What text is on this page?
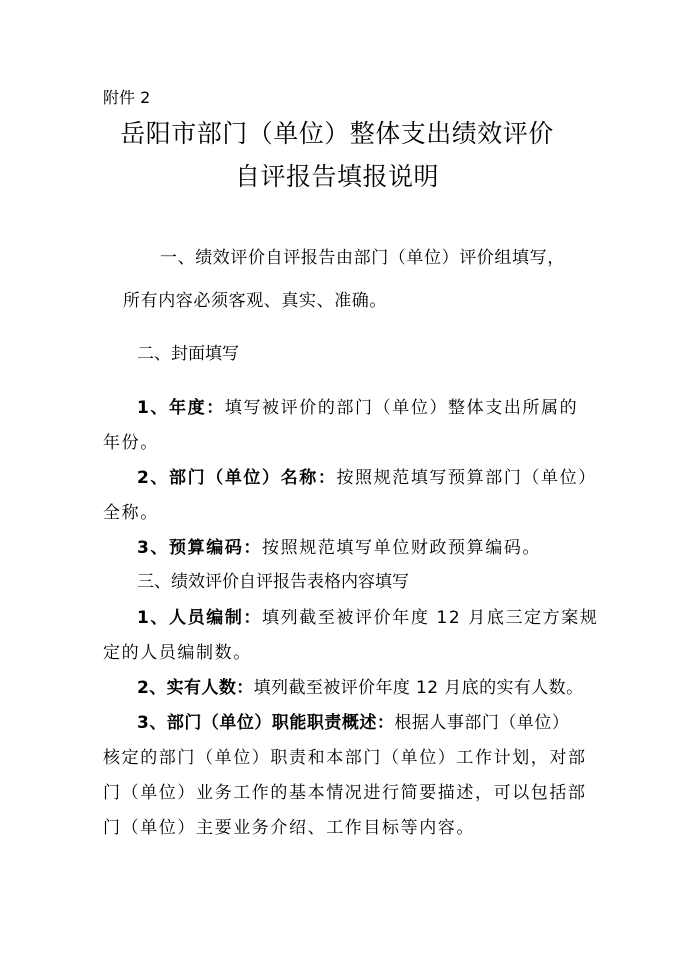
附件 2
岳阳市部门（单位）整体支出绩效评价
自评报告填报说明
一、绩效评价自评报告由部门（单位）评价组填写，
所有内容必须客观、真实、准确。
二、封面填写
1、年度：填写被评价的部门（单位）整体支出所属的
年份。
2、部门（单位）名称：按照规范填写预算部门（单位）
全称。
3、预算编码：按照规范填写单位财政预算编码。
三、绩效评价自评报告表格内容填写
1、人员编制：填列截至被评价年度 12 月底三定方案规
定的人员编制数。
2、实有人数：填列截至被评价年度 12 月底的实有人数。
3、部门（单位）职能职责概述：根据人事部门（单位）
核定的部门（单位）职责和本部门（单位）工作计划，对部
门（单位）业务工作的基本情况进行简要描述，可以包括部
门（单位）主要业务介绍、工作目标等内容。
